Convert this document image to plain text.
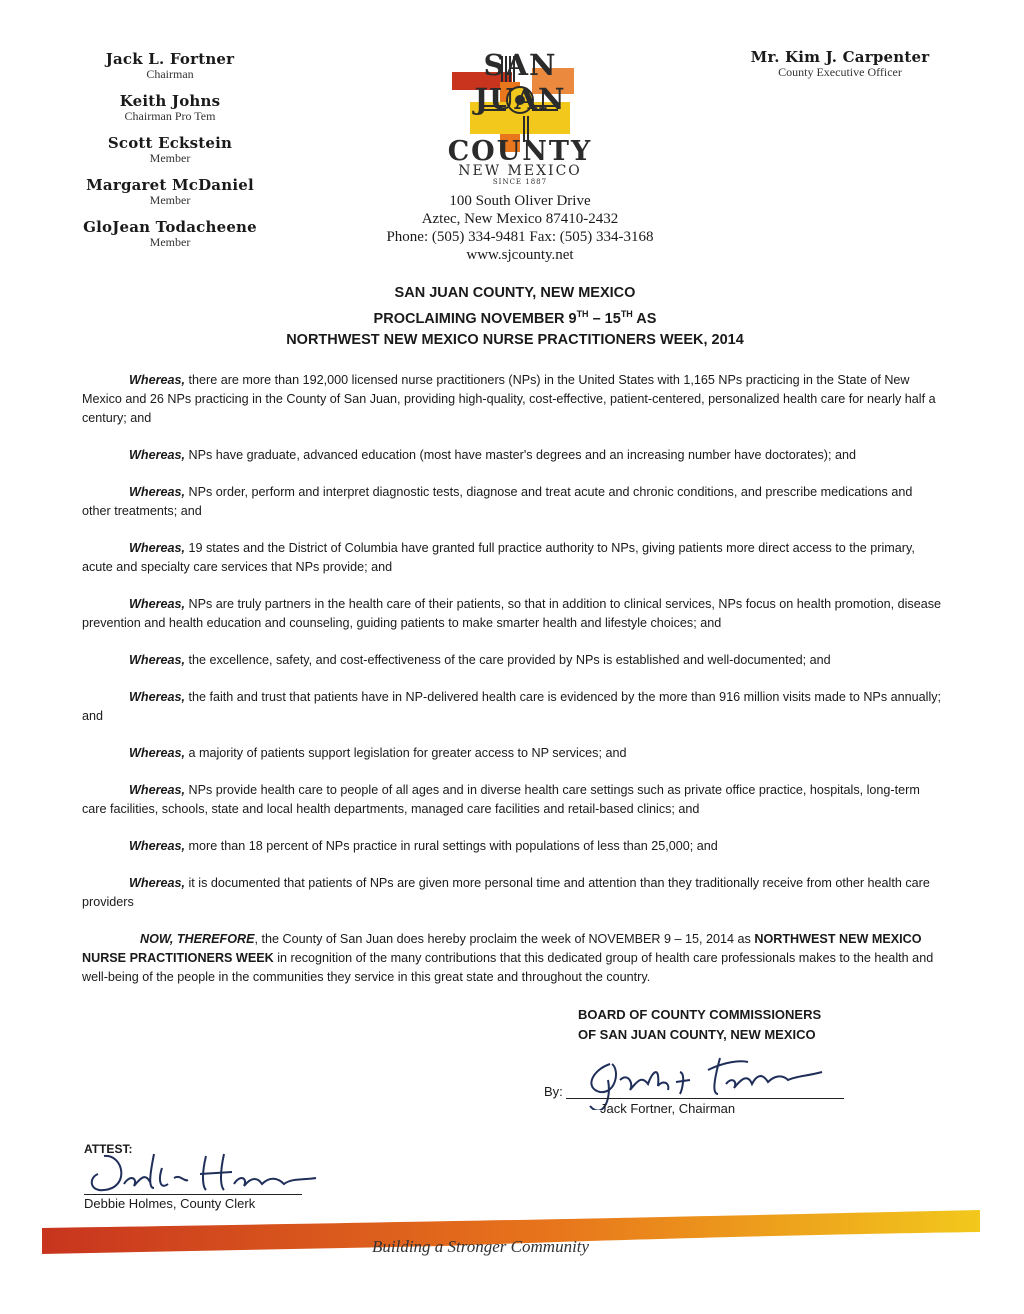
Jack L. Fortner
Chairman
Keith Johns
Chairman Pro Tem
Scott Eckstein
Member
Margaret McDaniel
Member
GloJean Todacheene
Member
Mr. Kim J. Carpenter
County Executive Officer
SAN JUAN
COUNTY
NEW MEXICO
SINCE 1887
100 South Oliver Drive
Aztec, New Mexico 87410-2432
Phone: (505) 334-9481 Fax: (505) 334-3168
www.sjcounty.net
SAN JUAN COUNTY, NEW MEXICO
PROCLAIMING NOVEMBER 9TH – 15TH AS
NORTHWEST NEW MEXICO NURSE PRACTITIONERS WEEK, 2014

Whereas, there are more than 192,000 licensed nurse practitioners (NPs) in the United States with 1,165 NPs practicing in the State of New Mexico and 26 NPs practicing in the County of San Juan, providing high-quality, cost-effective, patient-centered, personalized health care for nearly half a century; and

Whereas, NPs have graduate, advanced education (most have master's degrees and an increasing number have doctorates); and

Whereas, NPs order, perform and interpret diagnostic tests, diagnose and treat acute and chronic conditions, and prescribe medications and other treatments; and

Whereas, 19 states and the District of Columbia have granted full practice authority to NPs, giving patients more direct access to the primary, acute and specialty care services that NPs provide; and

Whereas, NPs are truly partners in the health care of their patients, so that in addition to clinical services, NPs focus on health promotion, disease prevention and health education and counseling, guiding patients to make smarter health and lifestyle choices; and

Whereas, the excellence, safety, and cost-effectiveness of the care provided by NPs is established and well-documented; and

Whereas, the faith and trust that patients have in NP-delivered health care is evidenced by the more than 916 million visits made to NPs annually; and

Whereas, a majority of patients support legislation for greater access to NP services; and

Whereas, NPs provide health care to people of all ages and in diverse health care settings such as private office practice, hospitals, long-term care facilities, schools, state and local health departments, managed care facilities and retail-based clinics; and

Whereas, more than 18 percent of NPs practice in rural settings with populations of less than 25,000; and

Whereas, it is documented that patients of NPs are given more personal time and attention than they traditionally receive from other health care providers

NOW, THEREFORE, the County of San Juan does hereby proclaim the week of NOVEMBER 9 – 15, 2014 as NORTHWEST NEW MEXICO NURSE PRACTITIONERS WEEK in recognition of the many contributions that this dedicated group of health care professionals makes to the health and well-being of the people in the communities they service in this great state and throughout the country.

BOARD OF COUNTY COMMISSIONERS
OF SAN JUAN COUNTY, NEW MEXICO
By:
Jack Fortner, Chairman
ATTEST:
Debbie Holmes, County Clerk
Building a Stronger Community
